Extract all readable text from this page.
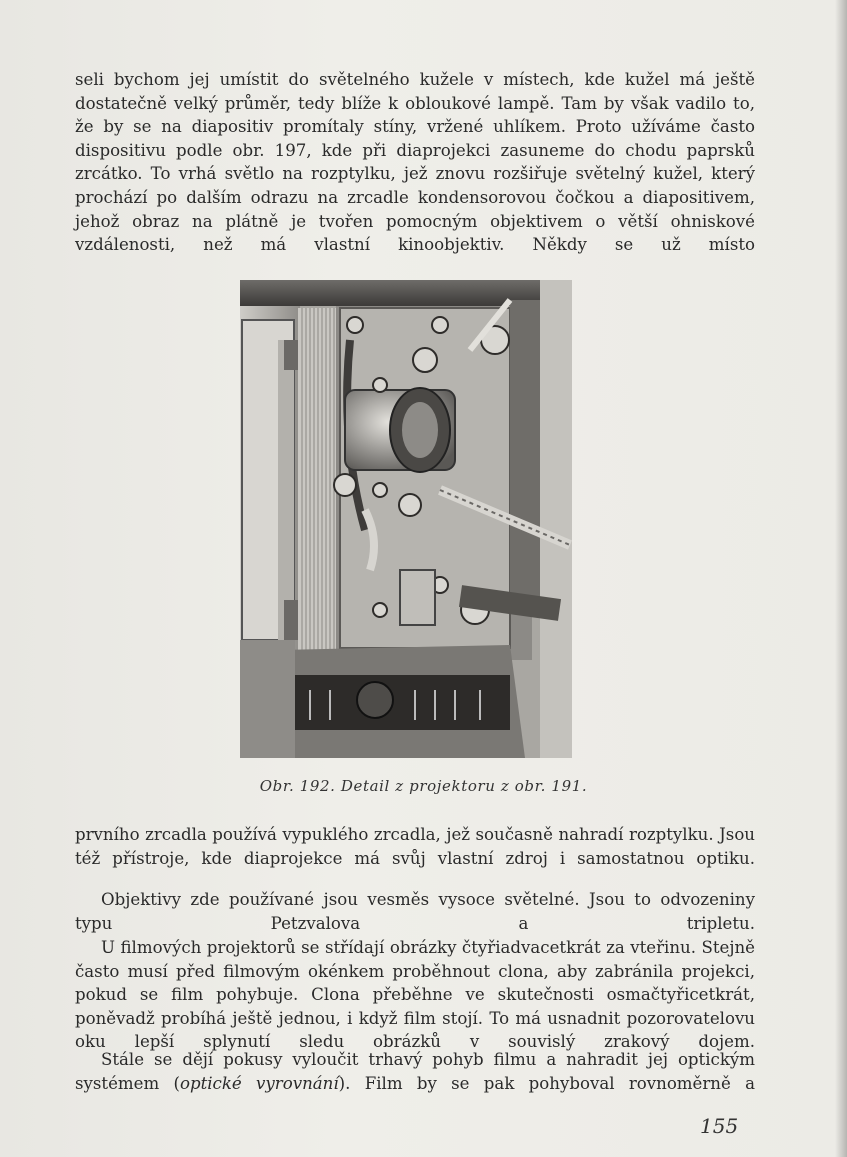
seli bychom jej umístit do světelného kužele v místech, kde kužel má ještě dostatečně velký průměr, tedy blíže k obloukové lampě. Tam by však vadilo to, že by se na diapositiv promítaly stíny, vržené uhlíkem. Proto užíváme často dispositivu podle obr. 197, kde při diaprojekci zasuneme do chodu paprsků zrcátko. To vrhá světlo na rozptylku, jež znovu rozšiřuje světelný kužel, který prochází po dalším odrazu na zrcadle kondensorovou čočkou a diapositivem, jehož obraz na plátně je tvořen pomocným objektivem o větší ohniskové vzdálenosti, než má vlastní kinoobjektiv. Někdy se už místo

Obr. 192. Detail z projektoru z obr. 191.

prvního zrcadla používá vypuklého zrcadla, jež současně nahradí rozptylku. Jsou též přístroje, kde diaprojekce má svůj vlastní zdroj i samostatnou optiku.

Objektivy zde používané jsou vesměs vysoce světelné. Jsou to odvozeniny typu Petzvalova a tripletu.

U filmových projektorů se střídají obrázky čtyřiadvacetkrát za vteřinu. Stejně často musí před filmovým okénkem proběhnout clona, aby zabránila projekci, pokud se film pohybuje. Clona přeběhne ve skutečnosti osmačtyřicetkrát, poněvadž probíhá ještě jednou, i když film stojí. To má usnadnit pozorovatelovu oku lepší splynutí sledu obrázků v souvislý zrakový dojem.

Stále se dějí pokusy vyloučit trhavý pohyb filmu a nahradit jej optickým systémem (optické vyrovnání). Film by se pak pohyboval rovnoměrně a

155
